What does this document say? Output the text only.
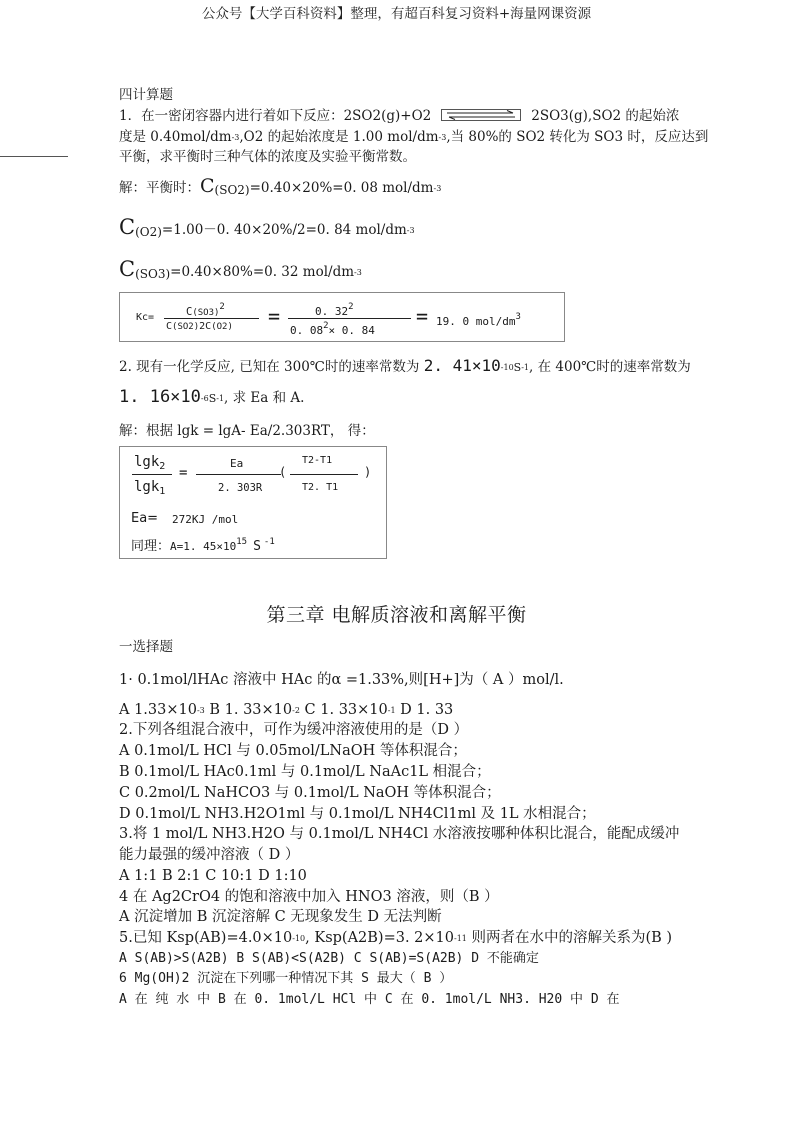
公众号【大学百科资料】整理，有超百科复习资料+海量网课资源
四计算题
1．在一密闭容器内进行着如下反应：2SO2(g)+O2	2SO3(g),SO2 的起始浓
度是 0.40mol/dm-3,O2 的起始浓度是 1.00 mol/dm-3,当 80%的 SO2 转化为 SO3 时，反应达到
平衡，求平衡时三种气体的浓度及实验平衡常数。
解：平衡时：C(SO2)=0.40×20%=0. 08 mol/dm-3
C(O2)=1.00－0. 40×20%/2=0. 84 mol/dm-3
C(SO3)=0.40×80%=0. 32 mol/dm-3
Kc=	C(SO3)2
C(SO2)2C(O2) =	0. $32^2$
0. $08^2\times 0$. 84
= 19. 0 mol/$dm^3$
2. 现有一化学反应, 已知在 300℃时的速率常数为 2. 41×10-10S-1, 在 400℃时的速率常数为
1. 16×10-6S-1, 求 Ea 和 A.
解：根据 lgk = lgA- Ea/2.303RT， 得：
lgk$_2$
lgk$_1$
=
Ea
2. 303R
(
T2-T1
T2. T1
)
Ea= 272KJ /mol
同理：A=1. $45\times 10^{15}$ S $^{-1}$
第三章 电解质溶液和离解平衡
一选择题
1· 0.1mol/lHAc 溶液中 HAc 的α =1.33%,则[H+]为（ A ）mol/l.
A 1.33×10-3 B 1. 33×10-2 C 1. 33×10-1 D 1. 33
2.下列各组混合液中，可作为缓冲溶液使用的是（D ）
A 0.1mol/L HCl 与 0.05mol/LNaOH 等体积混合；
B 0.1mol/L HAc0.1ml 与 0.1mol/L NaAc1L 相混合；
C 0.2mol/L NaHCO3 与 0.1mol/L NaOH 等体积混合；
D 0.1mol/L NH3.H2O1ml 与 0.1mol/L NH4Cl1ml 及 1L 水相混合；
3.将 1 mol/L NH3.H2O 与 0.1mol/L NH4Cl 水溶液按哪种体积比混合，能配成缓冲
能力最强的缓冲溶液（ D ）
A 1:1 B 2:1 C 10:1 D 1:10
4 在 Ag2CrO4 的饱和溶液中加入 HNO3 溶液，则（B ）
A 沉淀增加 B 沉淀溶解 C 无现象发生 D 无法判断
5.已知 Ksp(AB)=4.0×10-10, Ksp(A2B)=3. 2×10-11 则两者在水中的溶解关系为(B )
A S(AB)>S(A2B) B S(AB)<S(A2B) C S(AB)=S(A2B) D 不能确定
6 Mg(OH)2 沉淀在下列哪一种情况下其 S 最大（ B ）
A 在 纯 水 中 B 在 0. 1mol/L HCl 中 C 在 0. 1mol/L NH3. H20 中 D 在
